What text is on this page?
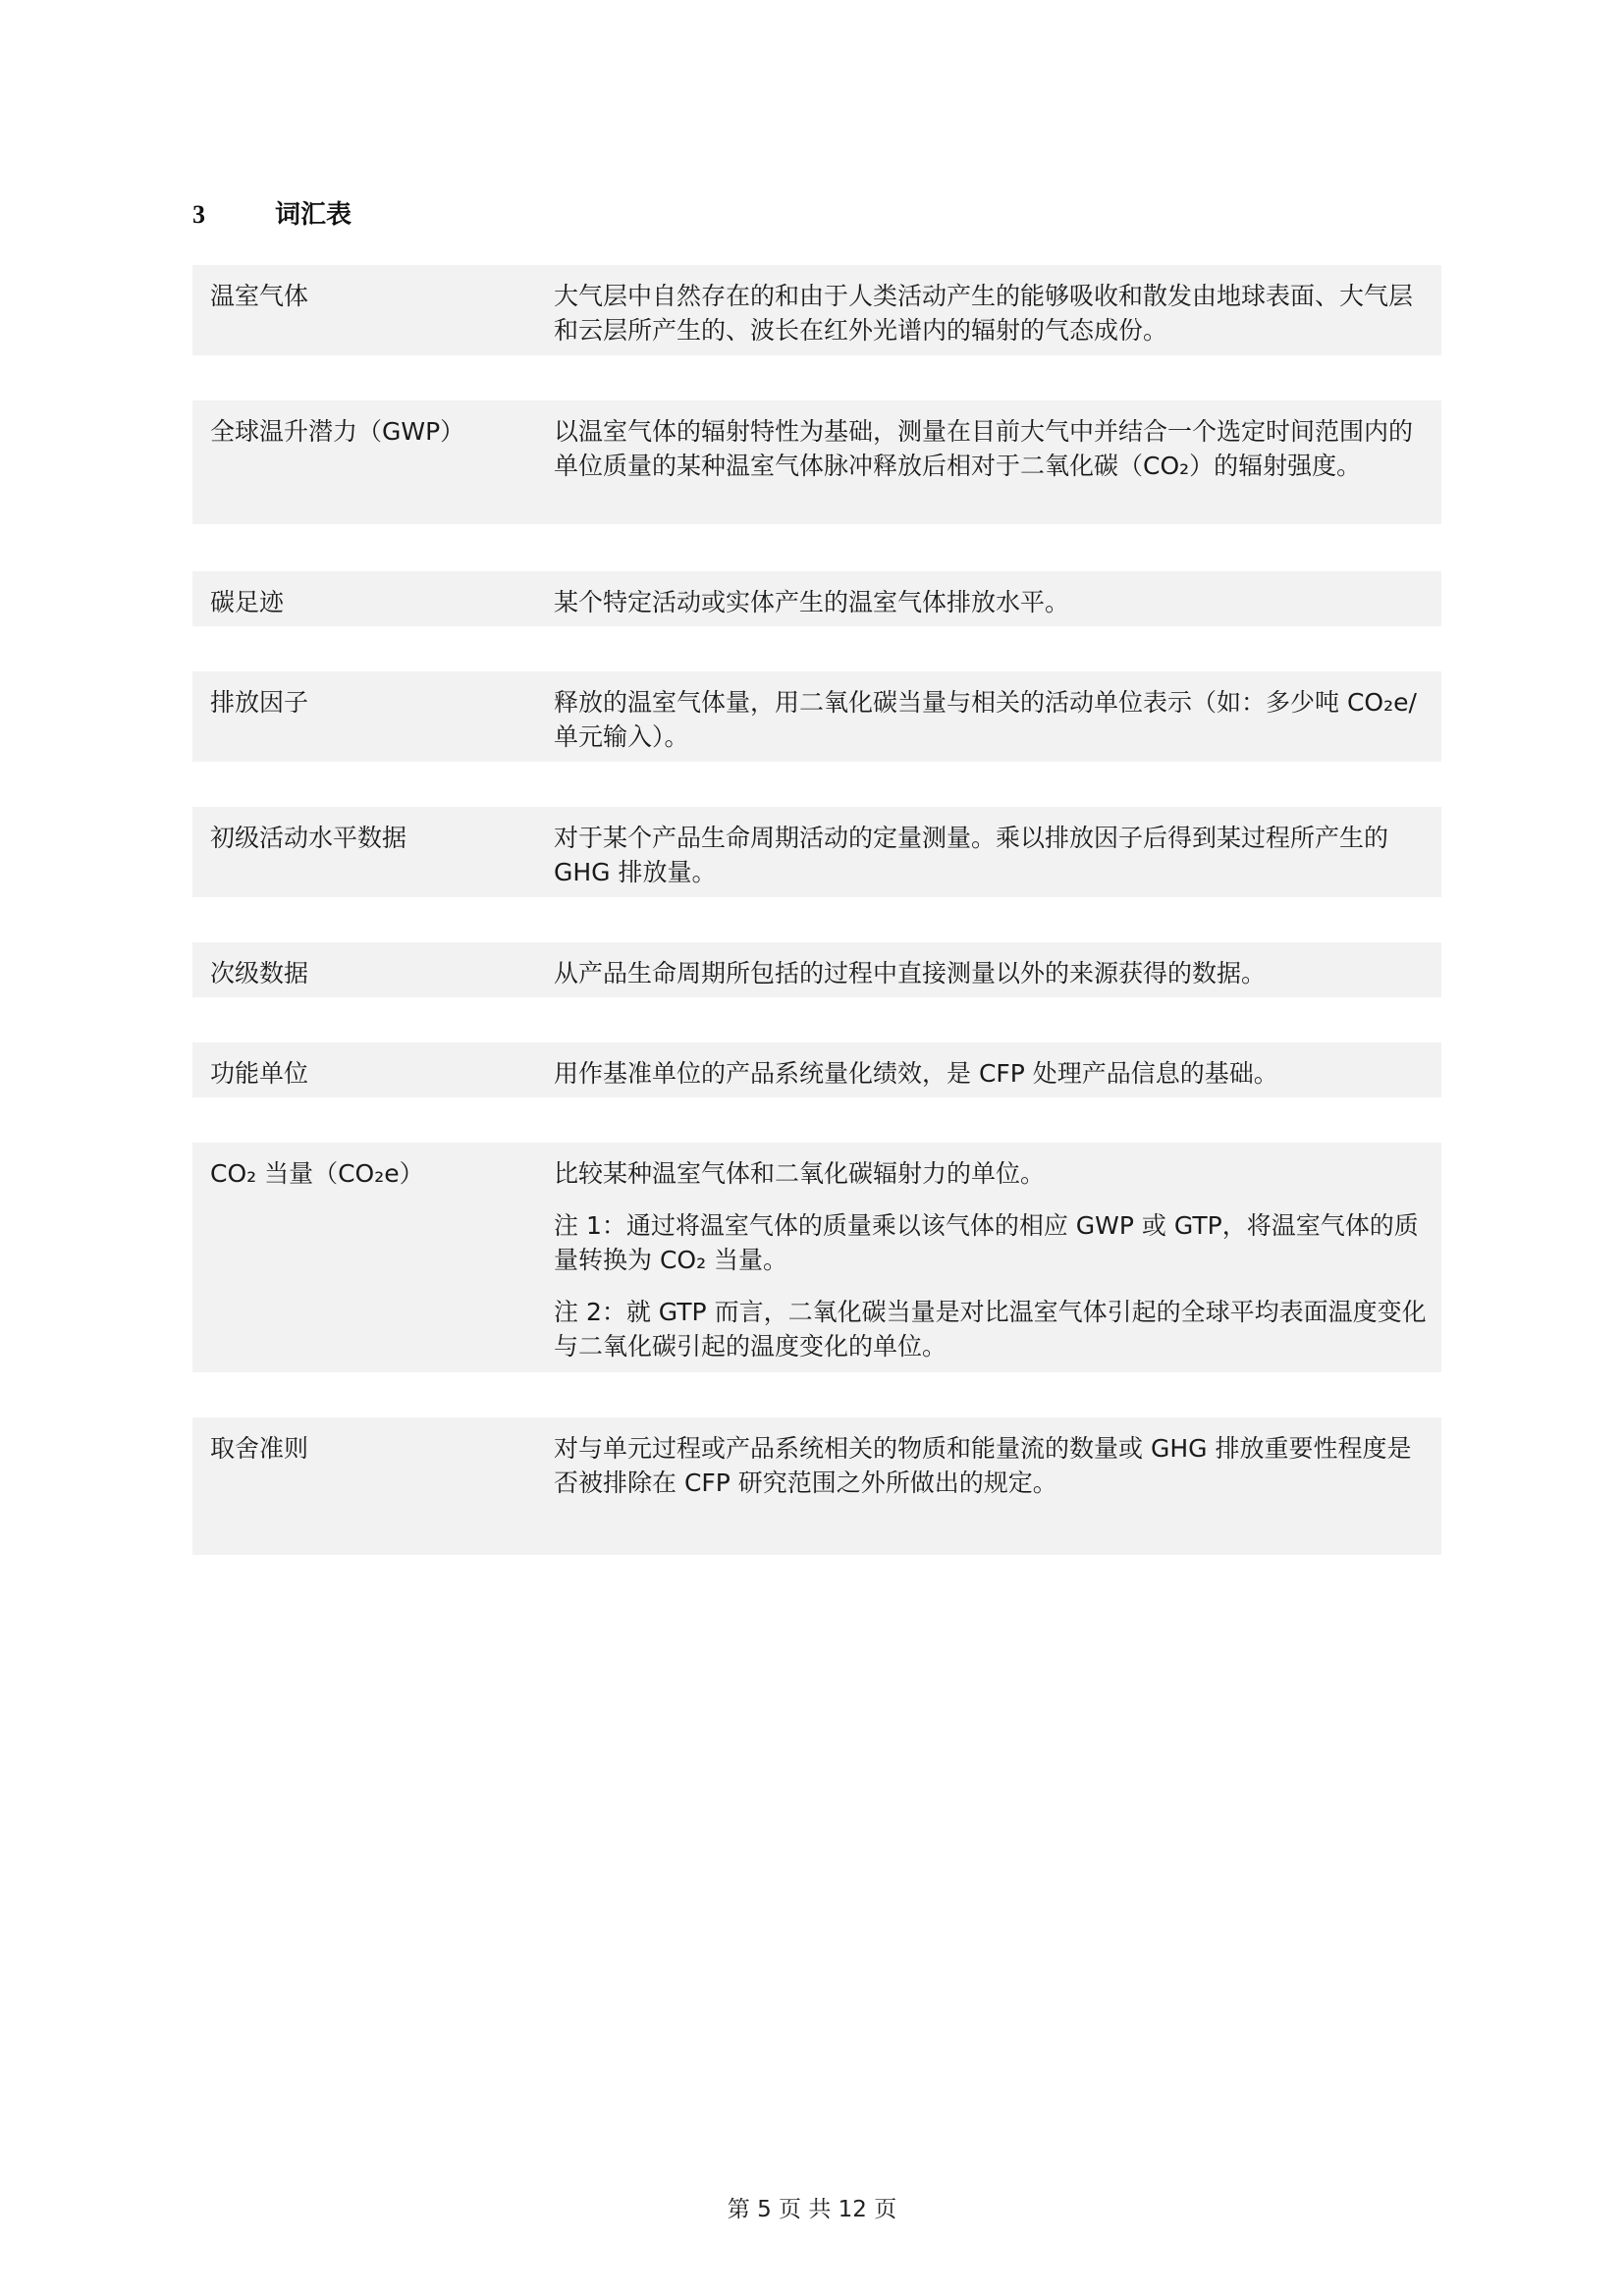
3	词汇表
温室气体	大气层中自然存在的和由于人类活动产生的能够吸收和散发由地球表面、大气层和云层所产生的、波长在红外光谱内的辐射的气态成份。

全球温升潜力（GWP）	以温室气体的辐射特性为基础，测量在目前大气中并结合一个选定时间范围内的单位质量的某种温室气体脉冲释放后相对于二氧化碳（CO₂）的辐射强度。

碳足迹	某个特定活动或实体产生的温室气体排放水平。

排放因子	释放的温室气体量，用二氧化碳当量与相关的活动单位表示（如：多少吨 CO₂e/单元输入）。

初级活动水平数据	对于某个产品生命周期活动的定量测量。乘以排放因子后得到某过程所产生的 GHG 排放量。

次级数据	从产品生命周期所包括的过程中直接测量以外的来源获得的数据。

功能单位	用作基准单位的产品系统量化绩效，是 CFP 处理产品信息的基础。

CO₂ 当量（CO₂e）	比较某种温室气体和二氧化碳辐射力的单位。

注 1：通过将温室气体的质量乘以该气体的相应 GWP 或 GTP，将温室气体的质量转换为 CO₂ 当量。

注 2：就 GTP 而言，二氧化碳当量是对比温室气体引起的全球平均表面温度变化与二氧化碳引起的温度变化的单位。

取舍准则	对与单元过程或产品系统相关的物质和能量流的数量或 GHG 排放重要性程度是否被排除在 CFP 研究范围之外所做出的规定。

第 5 页 共 12 页
